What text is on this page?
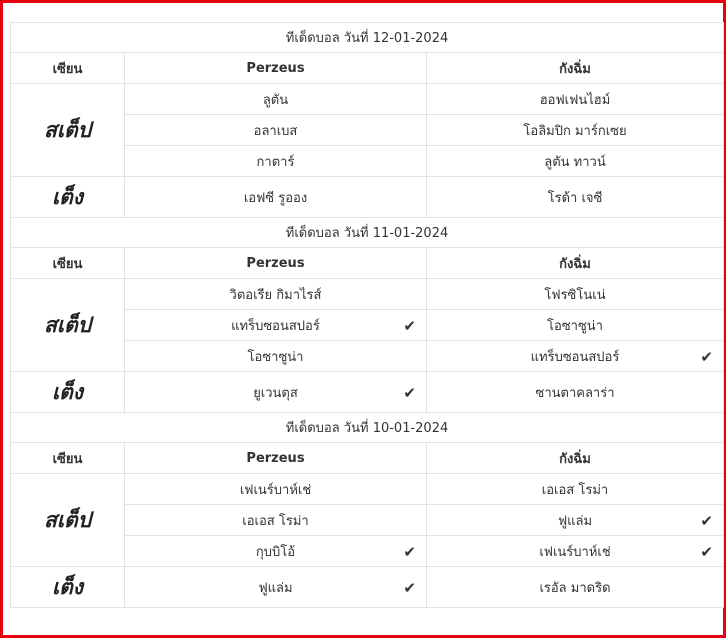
ทีเด็ดบอล วันที่ 12-01-2024		
เซียน	Perzeus	กังฉิ่ม
สเต็ป	ลูตัน	ฮอฟเฟนไฮม์
	อลาเบส	โอลิมปิก มาร์กเซย
	กาตาร์	ลูตัน ทาวน์
เต็ง	เอฟซี รูออง	โรด้า เจซี
ทีเด็ดบอล วันที่ 11-01-2024		
เซียน	Perzeus	กังฉิ่ม
สเต็ป	วิตอเรีย กิมาไรส์	โฟรซิโนเน่
	แทร็บซอนสปอร์ ✔	โอซาซูน่า
	โอซาซูน่า	แทร็บซอนสปอร์ ✔

เต็ง	ยูเวนตุส ✔	ซานตาคลาร่า
ทีเด็ดบอล วันที่ 10-01-2024		
เซียน	Perzeus	กังฉิ่ม
สเต็ป	เฟเนร์บาห์เช่	เอเอส โรม่า
	เอเอส โรม่า	ฟูแล่ม ✔

	กุบบิโอ้ ✔	เฟเนร์บาห์เช่ ✔

เต็ง	ฟูแล่ม ✔	เรอัล มาดริด
